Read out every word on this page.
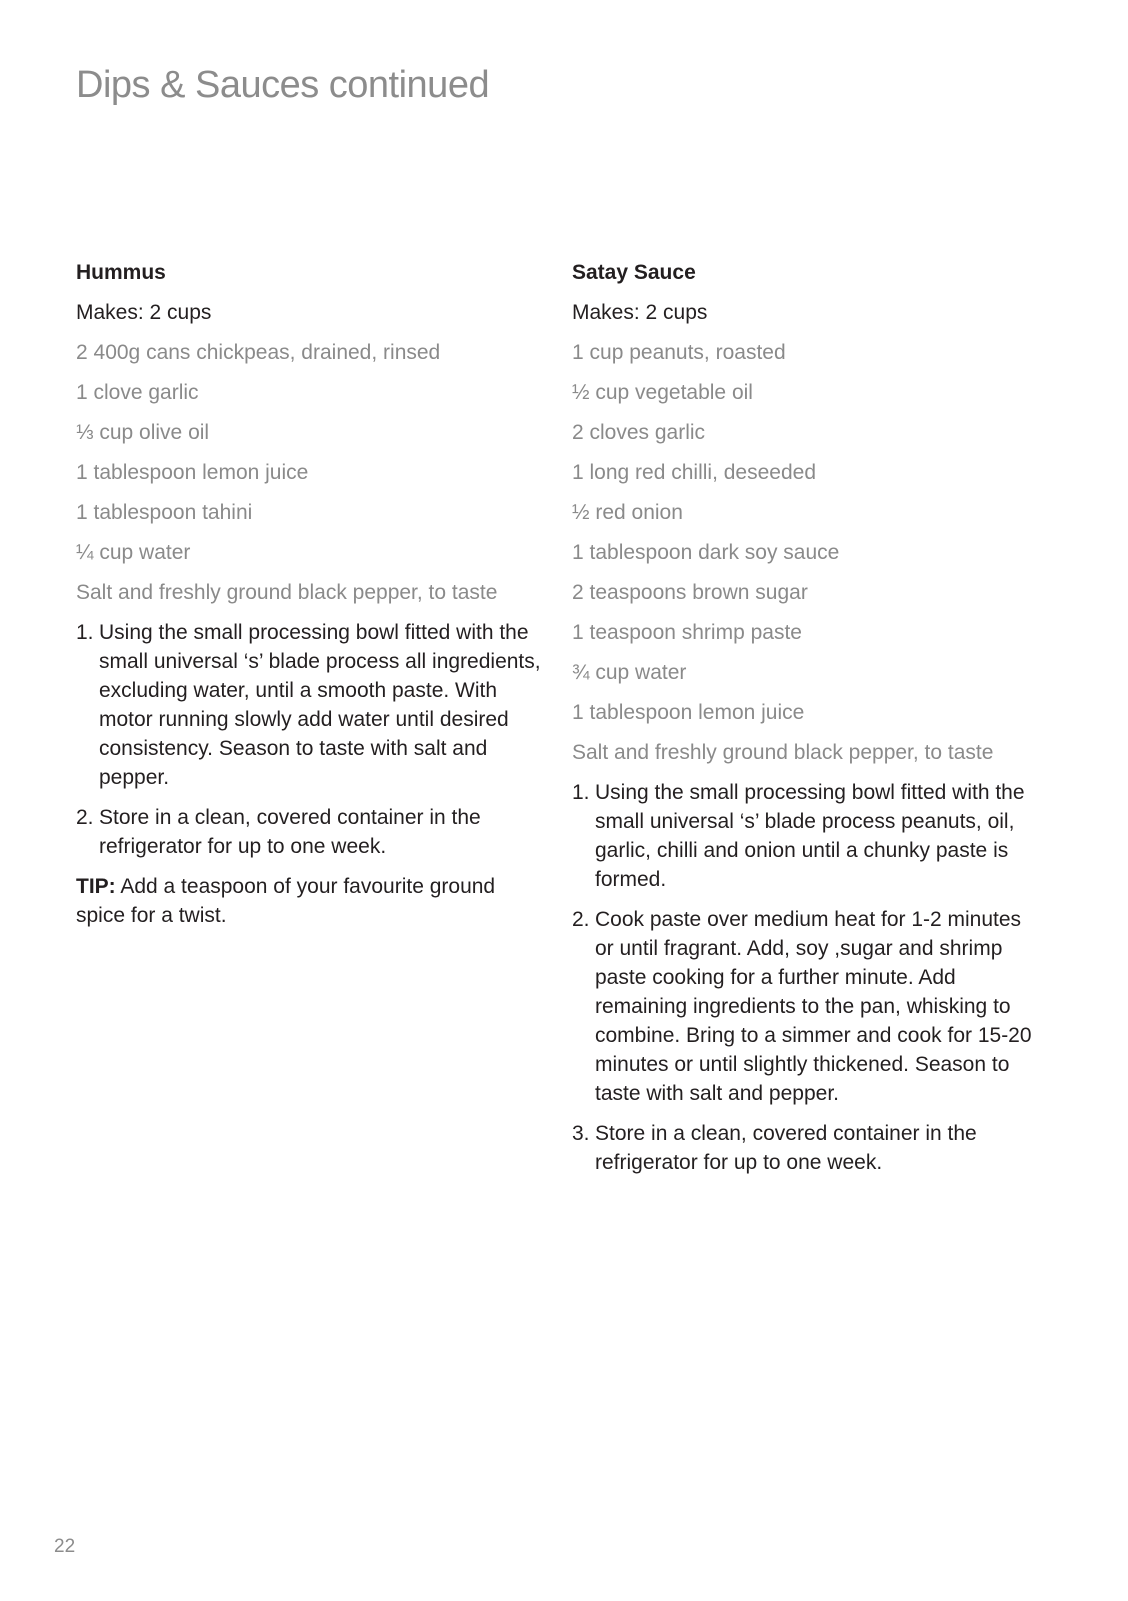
Dips & Sauces continued
Hummus

Makes: 2 cups

2 400g cans chickpeas, drained, rinsed
1 clove garlic
⅓ cup olive oil
1 tablespoon lemon juice
1 tablespoon tahini
¼ cup water
Salt and freshly ground black pepper, to taste
1. Using the small processing bowl fitted with the small universal ‘s’ blade process all ingredients, excluding water, until a smooth paste. With motor running slowly add water until desired consistency. Season to taste with salt and pepper.
2. Store in a clean, covered container in the refrigerator for up to one week.

TIP: Add a teaspoon of your favourite ground spice for a twist.

Satay Sauce

Makes: 2 cups

1 cup peanuts, roasted
½ cup vegetable oil
2 cloves garlic
1 long red chilli, deseeded
½ red onion
1 tablespoon dark soy sauce
2 teaspoons brown sugar
1 teaspoon shrimp paste
¾ cup water
1 tablespoon lemon juice
Salt and freshly ground black pepper, to taste
1. Using the small processing bowl fitted with the small universal ‘s’ blade process peanuts, oil, garlic, chilli and onion until a chunky paste is formed.
2. Cook paste over medium heat for 1-2 minutes or until fragrant. Add, soy ,sugar and shrimp paste cooking for a further minute. Add remaining ingredients to the pan, whisking to combine. Bring to a simmer and cook for 15-20 minutes or until slightly thickened. Season to taste with salt and pepper.
3. Store in a clean, covered container in the refrigerator for up to one week.
22
